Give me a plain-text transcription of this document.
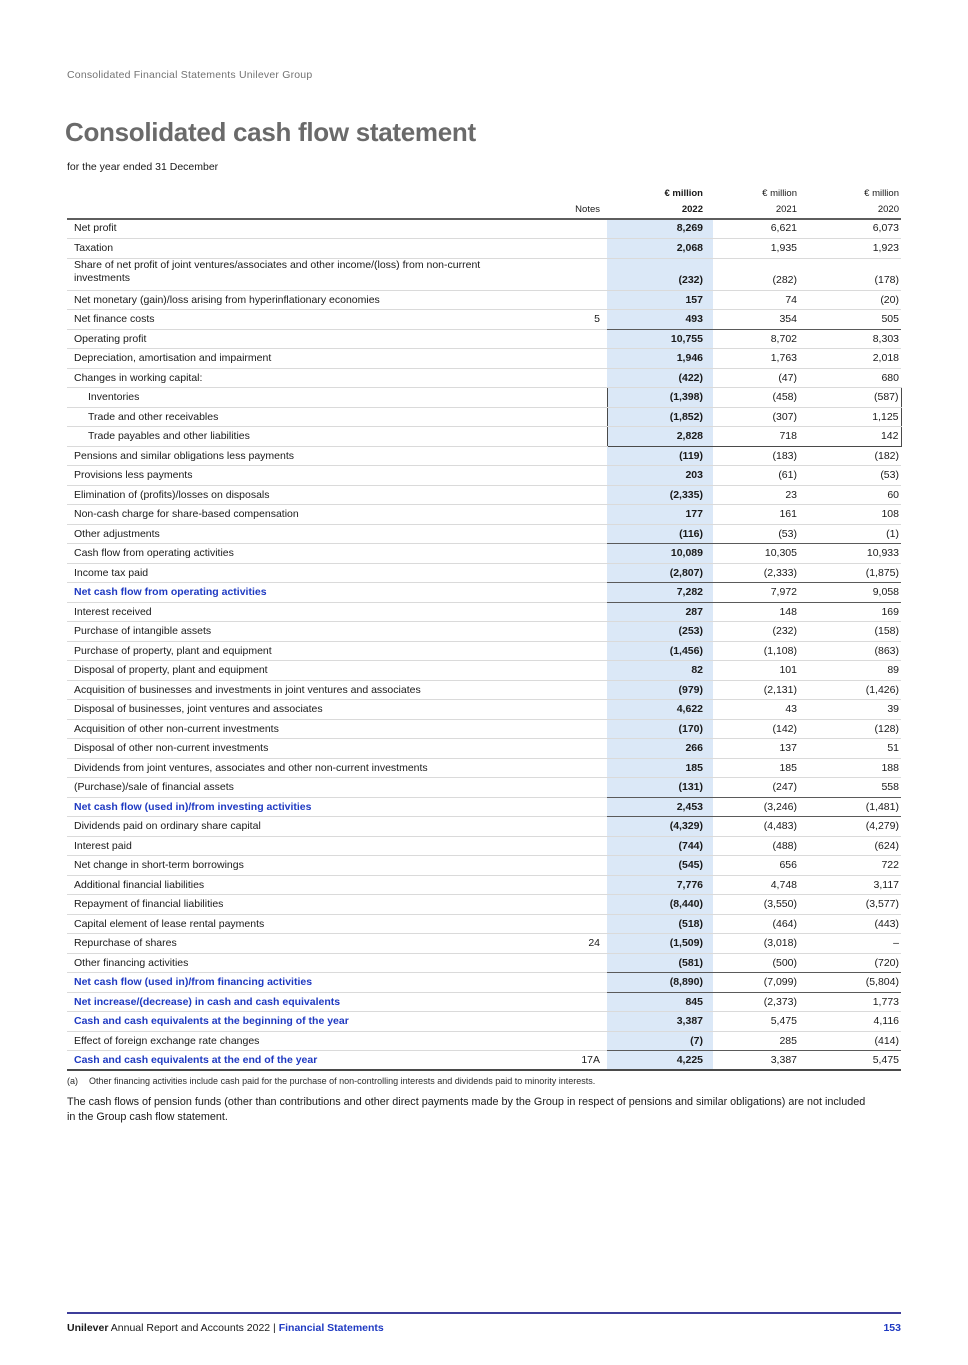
Consolidated Financial Statements Unilever Group
Consolidated cash flow statement
for the year ended 31 December
		€ million	€ million	€ million
	Notes	2022	2021	2020
Net profit		8,269	6,621	6,073
Taxation		2,068	1,935	1,923
Share of net profit of joint ventures/associates and other income/(loss) from non-current investments		(232)	(282)	(178)
Net monetary (gain)/loss arising from hyperinflationary economies		157	74	(20)
Net finance costs	5	493	354	505
Operating profit		10,755	8,702	8,303
Depreciation, amortisation and impairment		1,946	1,763	2,018
Changes in working capital:		(422)	(47)	680
Inventories		(1,398)	(458)	(587)
Trade and other receivables		(1,852)	(307)	1,125
Trade payables and other liabilities		2,828	718	142
Pensions and similar obligations less payments		(119)	(183)	(182)
Provisions less payments		203	(61)	(53)
Elimination of (profits)/losses on disposals		(2,335)	23	60
Non-cash charge for share-based compensation		177	161	108
Other adjustments		(116)	(53)	(1)
Cash flow from operating activities		10,089	10,305	10,933
Income tax paid		(2,807)	(2,333)	(1,875)
Net cash flow from operating activities		7,282	7,972	9,058
Interest received		287	148	169
Purchase of intangible assets		(253)	(232)	(158)
Purchase of property, plant and equipment		(1,456)	(1,108)	(863)
Disposal of property, plant and equipment		82	101	89
Acquisition of businesses and investments in joint ventures and associates		(979)	(2,131)	(1,426)
Disposal of businesses, joint ventures and associates		4,622	43	39
Acquisition of other non-current investments		(170)	(142)	(128)
Disposal of other non-current investments		266	137	51
Dividends from joint ventures, associates and other non-current investments		185	185	188
(Purchase)/sale of financial assets		(131)	(247)	558
Net cash flow (used in)/from investing activities		2,453	(3,246)	(1,481)
Dividends paid on ordinary share capital		(4,329)	(4,483)	(4,279)
Interest paid		(744)	(488)	(624)
Net change in short-term borrowings		(545)	656	722
Additional financial liabilities		7,776	4,748	3,117
Repayment of financial liabilities		(8,440)	(3,550)	(3,577)
Capital element of lease rental payments		(518)	(464)	(443)
Repurchase of shares	24	(1,509)	(3,018)	–
Other financing activities		(581)	(500)	(720)
Net cash flow (used in)/from financing activities		(8,890)	(7,099)	(5,804)
Net increase/(decrease) in cash and cash equivalents		845	(2,373)	1,773
Cash and cash equivalents at the beginning of the year		3,387	5,475	4,116
Effect of foreign exchange rate changes		(7)	285	(414)
Cash and cash equivalents at the end of the year	17A	4,225	3,387	5,475
(a) Other financing activities include cash paid for the purchase of non-controlling interests and dividends paid to minority interests.
The cash flows of pension funds (other than contributions and other direct payments made by the Group in respect of pensions and similar obligations) are not included in the Group cash flow statement.
Unilever Annual Report and Accounts 2022 | Financial Statements	153
